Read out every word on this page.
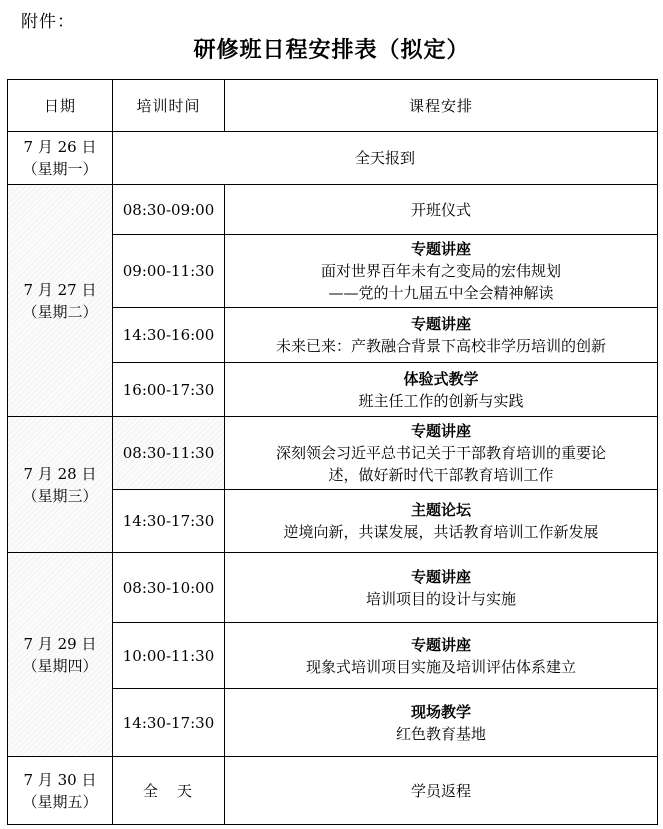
附件：
研修班日程安排表（拟定）
日期	培训时间	课程安排

7 月 26 日
（星期一）	全天报到	

7 月 27 日
（星期二）	08:30-09:00	开班仪式

	09:00-11:30	专题讲座
面对世界百年未有之变局的宏伟规划
——党的十九届五中全会精神解读

	14:30-16:00	专题讲座
未来已来：产教融合背景下高校非学历培训的创新

	16:00-17:30	体验式教学
班主任工作的创新与实践

7 月 28 日
（星期三）	08:30-11:30	专题讲座
深刻领会习近平总书记关于干部教育培训的重要论
述，做好新时代干部教育培训工作

	14:30-17:30	主题论坛
逆境向新，共谋发展，共话教育培训工作新发展

7 月 29 日
（星期四）	08:30-10:00	专题讲座
培训项目的设计与实施

	10:00-11:30	专题讲座
现象式培训项目实施及培训评估体系建立

	14:30-17:30	现场教学
红色教育基地

7 月 30 日
（星期五）	全　天	学员返程
